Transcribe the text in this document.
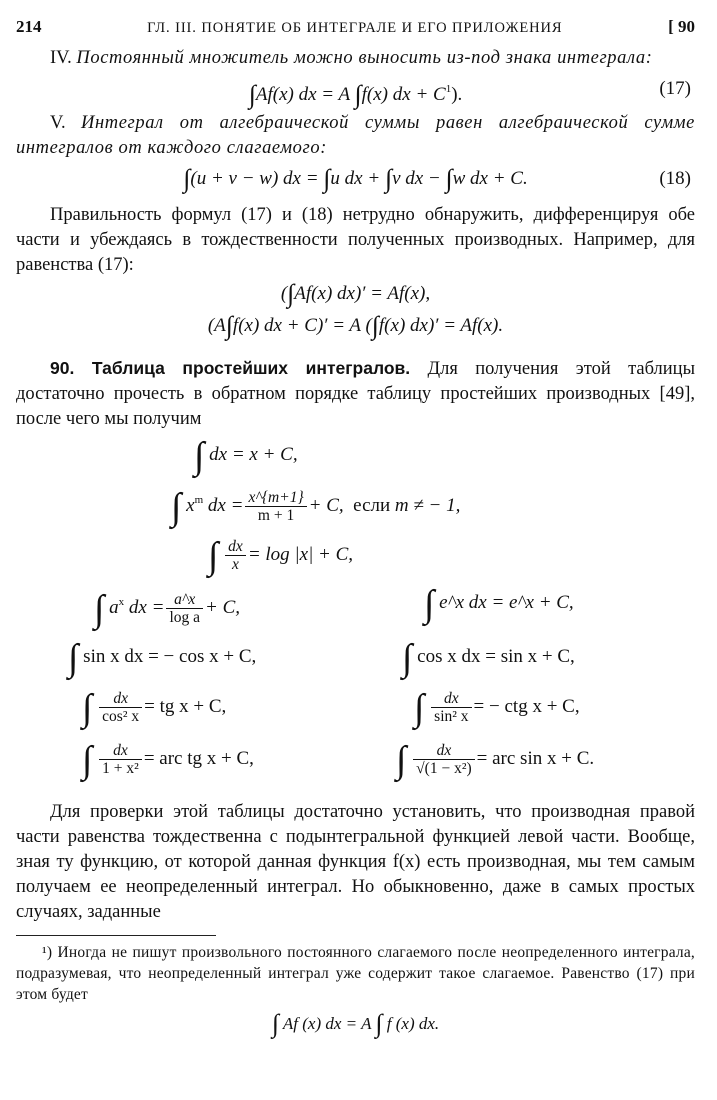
214	ГЛ. III. ПОНЯТИЕ ОБ ИНТЕГРАЛЕ И ЕГО ПРИЛОЖЕНИЯ	[ 90

IV. Постоянный множитель можно выносить из-под знака интеграла:

∫Af(x) dx = A ∫f(x) dx + $C^1$).	(17)

V. Интеграл от алгебраической суммы равен алгебраической сумме интегралов от каждого слагаемого:

∫(u + v − w) dx = ∫u dx + ∫v dx − ∫w dx + C.	(18)

Правильность формул (17) и (18) нетрудно обнаружить, дифференцируя обе части и убеждаясь в тождественности полученных производных. Например, для равенства (17):

(∫Af(x) dx)′ = Af(x),
(A∫f(x) dx + C)′ = A (∫f(x) dx)′ = Af(x).

90. Таблица простейших интегралов. Для получения этой таблицы достаточно прочесть в обратном порядке таблицу простейших производных [49], после чего мы получим

∫ dx = x + C,
∫ $x^m$ dx = $\frac{x\^{}\{m+1\}}{m + 1} + C$, если m ≠ − 1,
∫ $\frac{dx}{x} = \log |x| + C$,
∫ $a^x$ dx = $\frac{a\^{}x}{\text{log a}} + C$,	∫ e^x dx = e^x + C,
∫ sin x dx = − cos x + C,	∫ cos x dx = sin x + C,
∫ $\frac{dx}{\text{cos² x}}$ = tg x + C,	∫ $\frac{dx}{\text{sin² x}}$ = − ctg x + C,
∫ $\frac{dx}{\text{1 + x²}}$ = arc tg x + C,	∫ $\frac{dx}{\text{√(1 − x²)}}$ = arc sin x + C.

Для проверки этой таблицы достаточно установить, что производная правой части равенства тождественна с подынтегральной функцией левой части. Вообще, зная ту функцию, от которой данная функция f(x) есть производная, мы тем самым получаем ее неопределенный интеграл. Но обыкновенно, даже в самых простых случаях, заданные

¹) Иногда не пишут произвольного постоянного слагаемого после неопределенного интеграла, подразумевая, что неопределенный интеграл уже содержит такое слагаемое. Равенство (17) при этом будет

∫ Af (x) dx = A ∫ f (x) dx.
